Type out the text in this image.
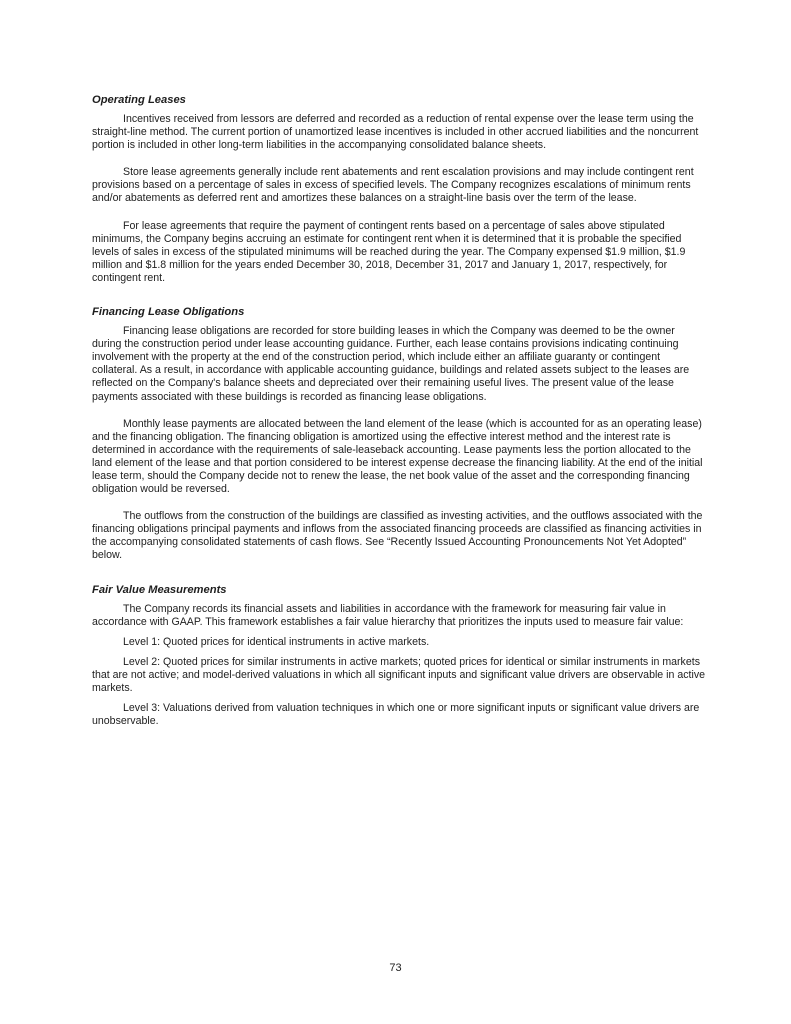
Operating Leases

Incentives received from lessors are deferred and recorded as a reduction of rental expense over the lease term using the straight-line method. The current portion of unamortized lease incentives is included in other accrued liabilities and the noncurrent portion is included in other long-term liabilities in the accompanying consolidated balance sheets.

Store lease agreements generally include rent abatements and rent escalation provisions and may include contingent rent provisions based on a percentage of sales in excess of specified levels. The Company recognizes escalations of minimum rents and/or abatements as deferred rent and amortizes these balances on a straight-line basis over the term of the lease.

For lease agreements that require the payment of contingent rents based on a percentage of sales above stipulated minimums, the Company begins accruing an estimate for contingent rent when it is determined that it is probable the specified levels of sales in excess of the stipulated minimums will be reached during the year. The Company expensed $1.9 million, $1.9 million and $1.8 million for the years ended December 30, 2018, December 31, 2017 and January 1, 2017, respectively, for contingent rent.

Financing Lease Obligations

Financing lease obligations are recorded for store building leases in which the Company was deemed to be the owner during the construction period under lease accounting guidance. Further, each lease contains provisions indicating continuing involvement with the property at the end of the construction period, which include either an affiliate guaranty or contingent collateral. As a result, in accordance with applicable accounting guidance, buildings and related assets subject to the leases are reflected on the Company's balance sheets and depreciated over their remaining useful lives. The present value of the lease payments associated with these buildings is recorded as financing lease obligations.

Monthly lease payments are allocated between the land element of the lease (which is accounted for as an operating lease) and the financing obligation. The financing obligation is amortized using the effective interest method and the interest rate is determined in accordance with the requirements of sale-leaseback accounting. Lease payments less the portion allocated to the land element of the lease and that portion considered to be interest expense decrease the financing liability. At the end of the initial lease term, should the Company decide not to renew the lease, the net book value of the asset and the corresponding financing obligation would be reversed.

The outflows from the construction of the buildings are classified as investing activities, and the outflows associated with the financing obligations principal payments and inflows from the associated financing proceeds are classified as financing activities in the accompanying consolidated statements of cash flows. See “Recently Issued Accounting Pronouncements Not Yet Adopted” below.

Fair Value Measurements

The Company records its financial assets and liabilities in accordance with the framework for measuring fair value in accordance with GAAP. This framework establishes a fair value hierarchy that prioritizes the inputs used to measure fair value:

Level 1: Quoted prices for identical instruments in active markets.

Level 2: Quoted prices for similar instruments in active markets; quoted prices for identical or similar instruments in markets that are not active; and model-derived valuations in which all significant inputs and significant value drivers are observable in active markets.

Level 3: Valuations derived from valuation techniques in which one or more significant inputs or significant value drivers are unobservable.

73
